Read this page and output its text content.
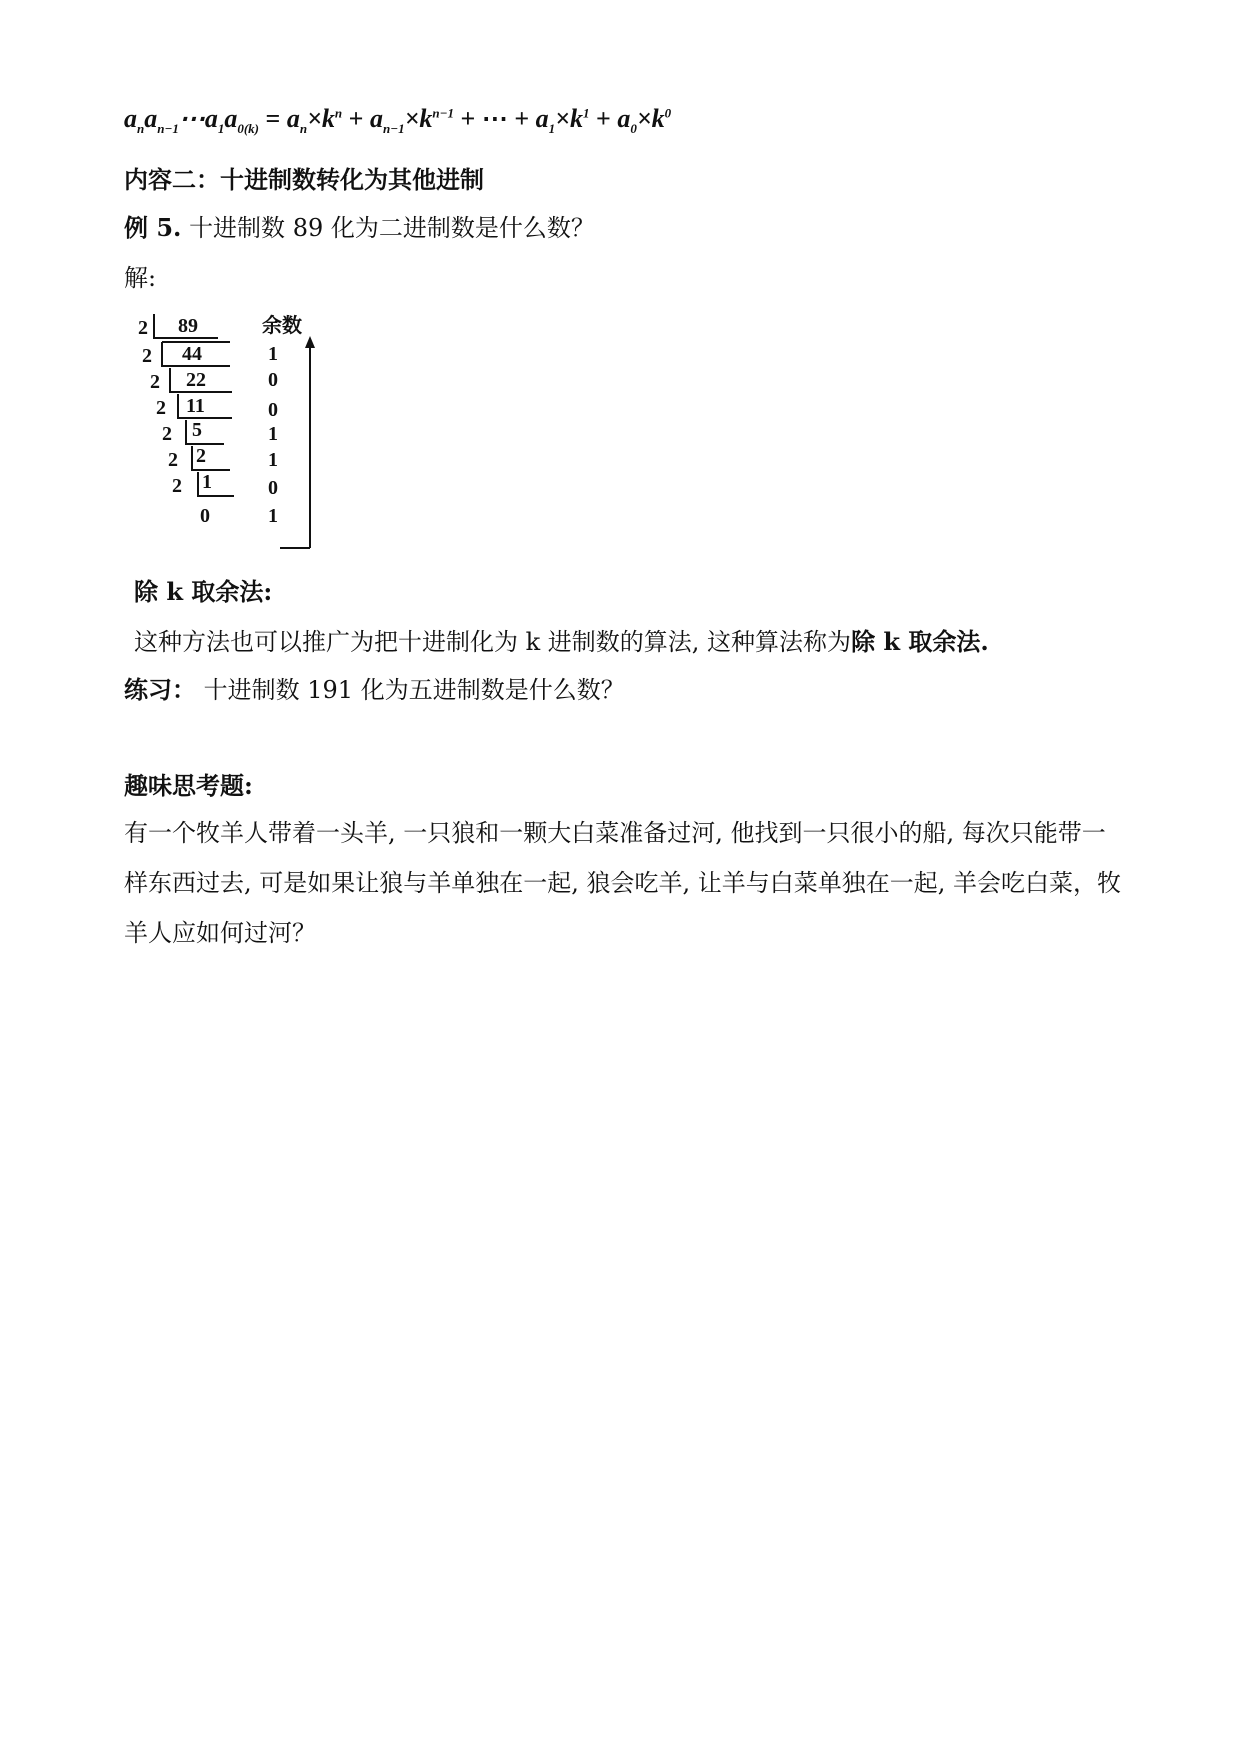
$a_na_{n-1}\cdots a_1a_{0(k)} = a_n\times k^n + a_{n-1}\times k^{n-1}$ + ⋯ + $a_1\times k^1 + a_0\times k^0$
内容二：十进制数转化为其他进制
例 5. 十进制数 89 化为二进制数是什么数？
解:
2 89	余数
2 44	1
2 22	0
2 11	0
2 5	1
2 2	1
2 1	0
0	1
除 k 取余法:
这种方法也可以推广为把十进制化为 k 进制数的算法, 这种算法称为除 k 取余法.
练习： 十进制数 191 化为五进制数是什么数？
趣味思考题:
有一个牧羊人带着一头羊, 一只狼和一颗大白菜准备过河, 他找到一只很小的船, 每次只能带一样东西过去, 可是如果让狼与羊单独在一起, 狼会吃羊, 让羊与白菜单独在一起, 羊会吃白菜，牧羊人应如何过河？
